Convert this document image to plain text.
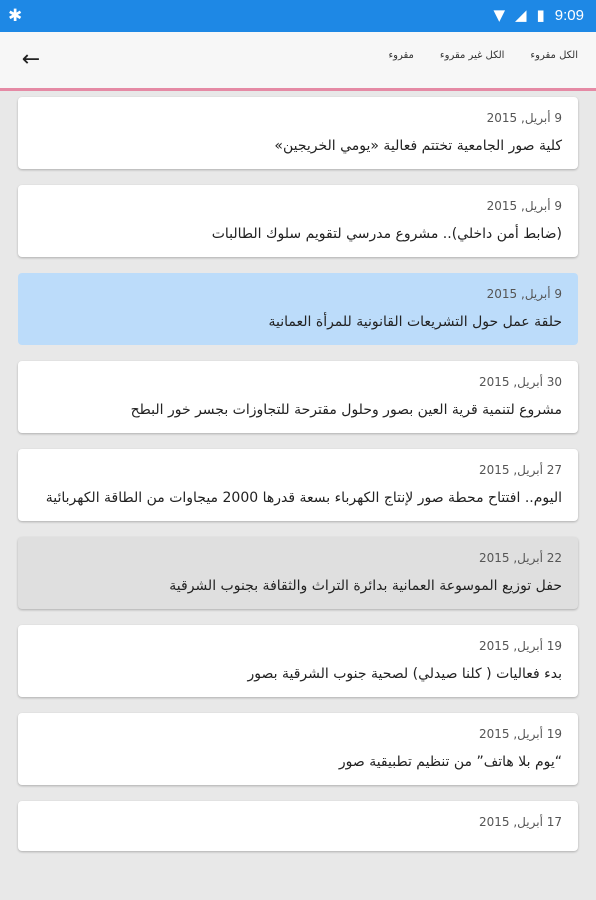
✱	▼ ◢ ▮ 9:09
←	مقروء	الكل غير مقروء	الكل مقروء
9 أبريل, 2015
كلية صور الجامعية تختتم فعالية «يومي الخريجين»
9 أبريل, 2015
(ضابط أمن داخلي).. مشروع مدرسي لتقويم سلوك الطالبات
9 أبريل, 2015
حلقة عمل حول التشريعات القانونية للمرأة العمانية
30 أبريل, 2015
مشروع لتنمية قرية العين بصور وحلول مقترحة للتجاوزات بجسر خور البطح
27 أبريل, 2015
اليوم.. افتتاح محطة صور لإنتاج الكهرباء بسعة قدرها 2000 ميجاوات من الطاقة الكهربائية
22 أبريل, 2015
حفل توزيع الموسوعة العمانية بدائرة التراث والثقافة بجنوب الشرقية
19 أبريل, 2015
بدء فعاليات ( كلنا صيدلي) لصحية جنوب الشرقية بصور
19 أبريل, 2015
“يوم بلا هاتف” من تنظيم تطبيقية صور
17 أبريل, 2015
